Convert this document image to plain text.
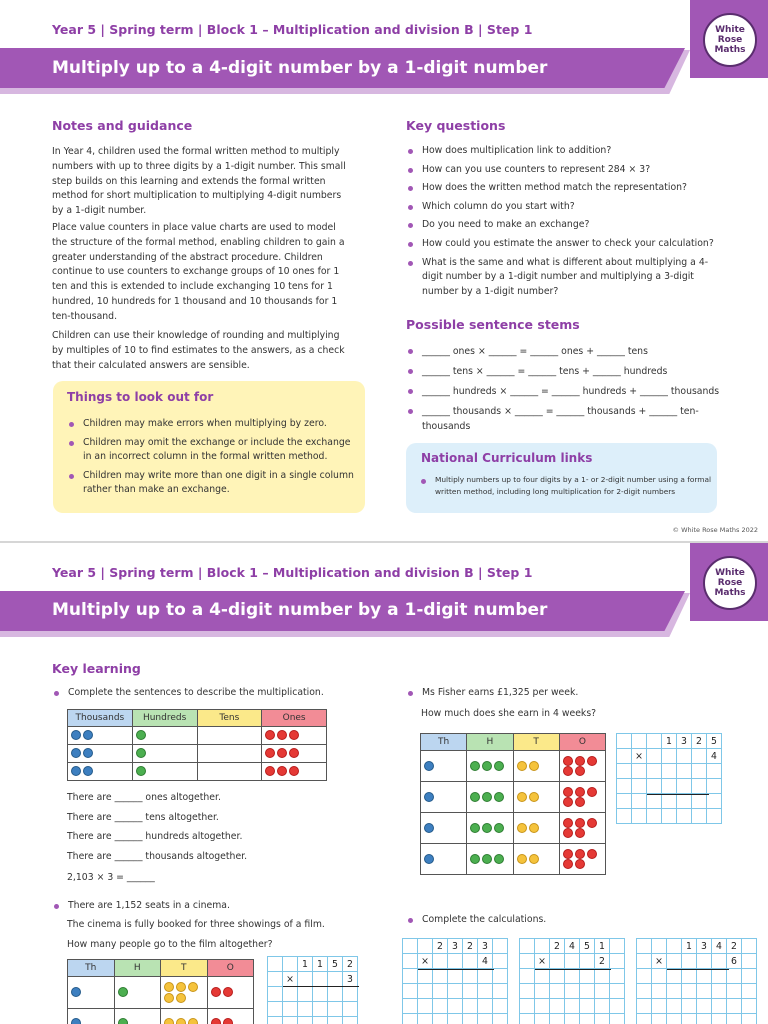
Year 5 | Spring term | Block 1 – Multiplication and division B | Step 1
Multiply up to a 4-digit number by a 1-digit number
White
Rose
Maths
Notes and guidance

In Year 4, children used the formal written method to multiply numbers with up to three digits by a 1-digit number. This small step builds on this learning and extends the formal written method for short multiplication to multiplying 4-digit numbers by a 1-digit number.

Place value counters in place value charts are used to model the structure of the formal method, enabling children to gain a greater understanding of the abstract procedure. Children continue to use counters to exchange groups of 10 ones for 1 ten and this is extended to include exchanging 10 tens for 1 hundred, 10 hundreds for 1 thousand and 10 thousands for 1 ten-thousand.

Children can use their knowledge of rounding and multiplying by multiples of 10 to find estimates to the answers, as a check that their calculated answers are sensible.

Things to look out for
Children may make errors when multiplying by zero.
Children may omit the exchange or include the exchange in an incorrect column in the formal written method.
Children may write more than one digit in a single column rather than make an exchange.
Key questions
How does multiplication link to addition?
How can you use counters to represent 284 × 3?
How does the written method match the representation?
Which column do you start with?
Do you need to make an exchange?
How could you estimate the answer to check your calculation?
What is the same and what is different about multiplying a 4-digit number by a 1-digit number and multiplying a 3-digit number by a 1-digit number?
Possible sentence stems
______ ones × ______ = ______ ones + ______ tens
______ tens × ______ = ______ tens + ______ hundreds
______ hundreds × ______ = ______ hundreds + ______ thousands
______ thousands × ______ = ______ thousands + ______ ten-thousands
National Curriculum links
Multiply numbers up to four digits by a 1- or 2-digit number using a formal written method, including long multiplication for 2-digit numbers
© White Rose Maths 2022
Year 5 | Spring term | Block 1 – Multiplication and division B | Step 1
Multiply up to a 4-digit number by a 1-digit number
White
Rose
Maths
Key learning
Complete the sentences to describe the multiplication.
Thousands	Hundreds	Tens	Ones

There are ______ ones altogether.
There are ______ tens altogether.
There are ______ hundreds altogether.
There are ______ thousands altogether.
2,103 × 3 = ______
There are 1,152 seats in a cinema.
The cinema is fully booked for three showings of a film.
How many people go to the film altogether?
Th	H	T	O

				1 1 5 2
×	3
Ms Fisher earns £1,325 per week.
How much does she earn in 4 weeks?
Th	H	T	O

				1 3 2 5
×	4
Complete the calculations.
2 3 2 3
×	4
2 4 5 1
×	2
1 3 4 2
×	6
